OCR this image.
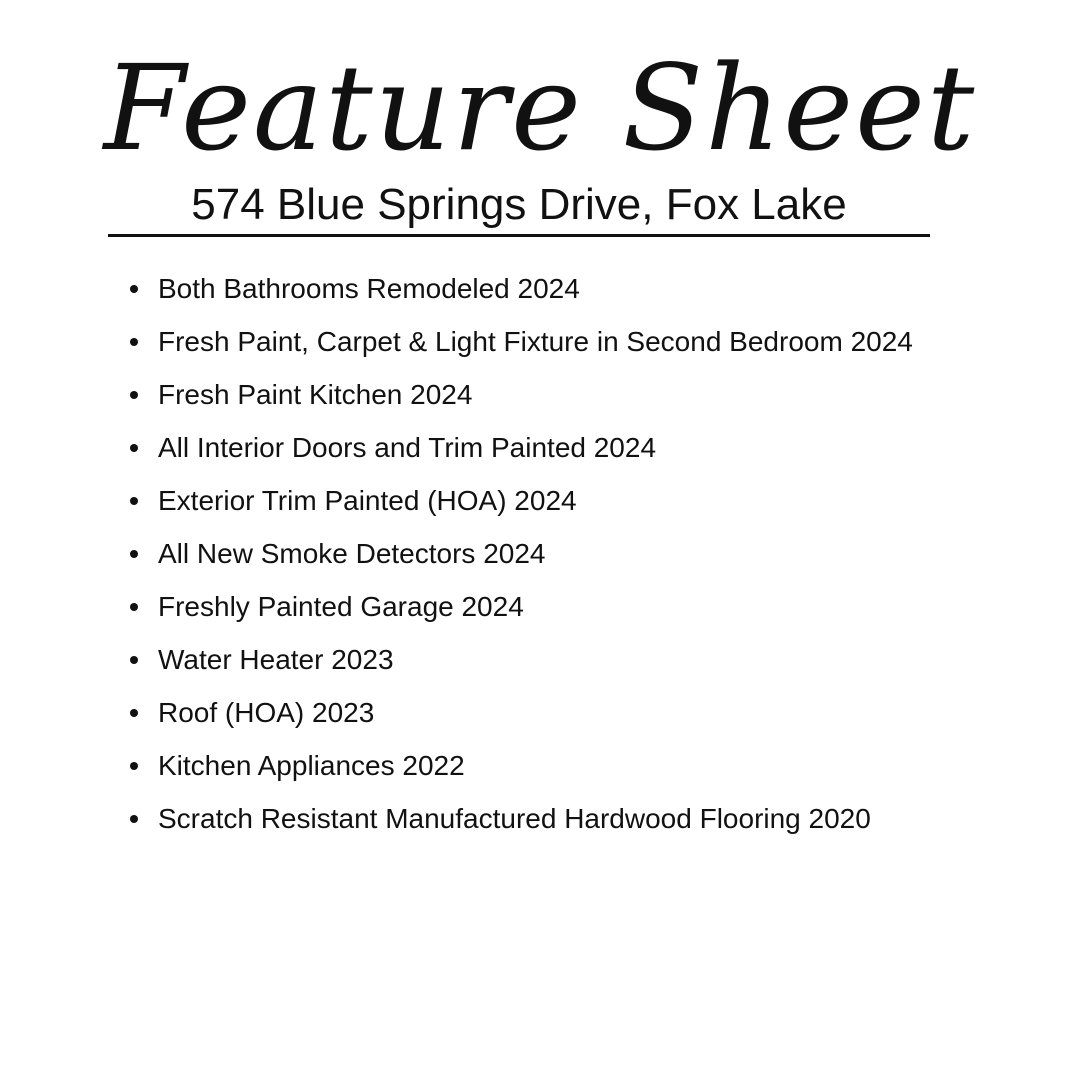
Feature Sheet
574 Blue Springs Drive, Fox Lake
Both Bathrooms Remodeled 2024
Fresh Paint, Carpet & Light Fixture in Second Bedroom 2024
Fresh Paint Kitchen 2024
All Interior Doors and Trim Painted 2024
Exterior Trim Painted (HOA) 2024
All New Smoke Detectors 2024
Freshly Painted Garage 2024
Water Heater 2023
Roof (HOA) 2023
Kitchen Appliances 2022
Scratch Resistant Manufactured Hardwood Flooring 2020
